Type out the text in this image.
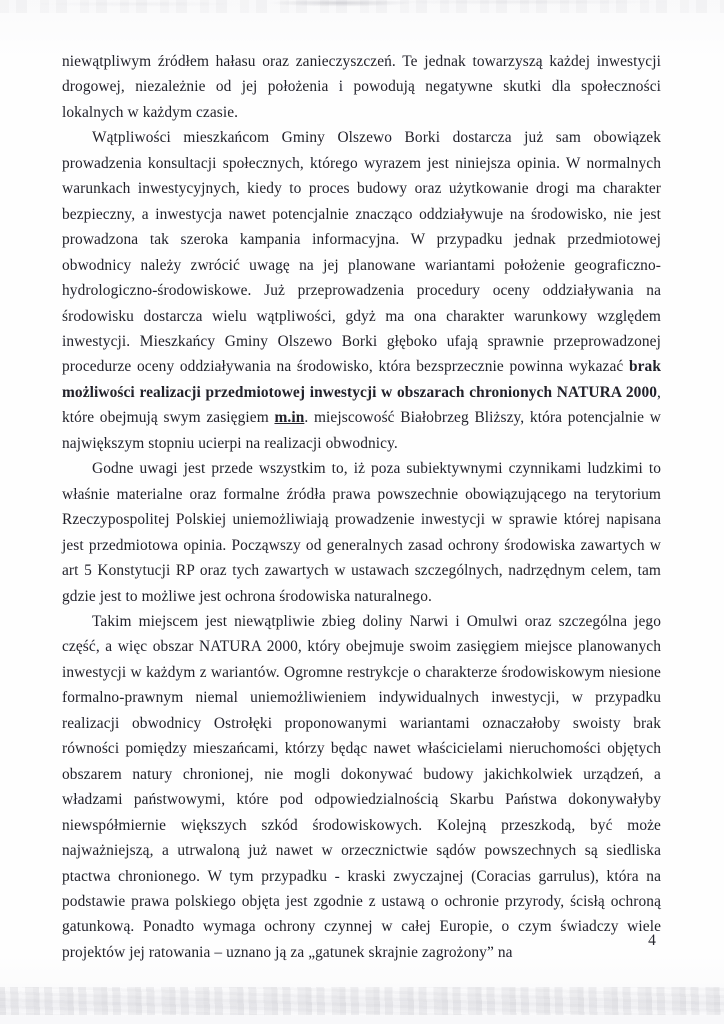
niewątpliwym źródłem hałasu oraz zanieczyszczeń. Te jednak towarzyszą każdej inwestycji drogowej, niezależnie od jej położenia i powodują negatywne skutki dla społeczności lokalnych w każdym czasie.

Wątpliwości mieszkańcom Gminy Olszewo Borki dostarcza już sam obowiązek prowadzenia konsultacji społecznych, którego wyrazem jest niniejsza opinia. W normalnych warunkach inwestycyjnych, kiedy to proces budowy oraz użytkowanie drogi ma charakter bezpieczny, a inwestycja nawet potencjalnie znacząco oddziaływuje na środowisko, nie jest prowadzona tak szeroka kampania informacyjna. W przypadku jednak przedmiotowej obwodnicy należy zwrócić uwagę na jej planowane wariantami położenie geograficzno-hydrologiczno-środowiskowe. Już przeprowadzenia procedury oceny oddziaływania na środowisku dostarcza wielu wątpliwości, gdyż ma ona charakter warunkowy względem inwestycji. Mieszkańcy Gminy Olszewo Borki głęboko ufają sprawnie przeprowadzonej procedurze oceny oddziaływania na środowisko, która bezsprzecznie powinna wykazać brak możliwości realizacji przedmiotowej inwestycji w obszarach chronionych NATURA 2000, które obejmują swym zasięgiem m.in. miejscowość Białobrzeg Bliższy, która potencjalnie w największym stopniu ucierpi na realizacji obwodnicy.

Godne uwagi jest przede wszystkim to, iż poza subiektywnymi czynnikami ludzkimi to właśnie materialne oraz formalne źródła prawa powszechnie obowiązującego na terytorium Rzeczypospolitej Polskiej uniemożliwiają prowadzenie inwestycji w sprawie której napisana jest przedmiotowa opinia. Począwszy od generalnych zasad ochrony środowiska zawartych w art 5 Konstytucji RP oraz tych zawartych w ustawach szczególnych, nadrzędnym celem, tam gdzie jest to możliwe jest ochrona środowiska naturalnego.

Takim miejscem jest niewątpliwie zbieg doliny Narwi i Omulwi oraz szczególna jego część, a więc obszar NATURA 2000, który obejmuje swoim zasięgiem miejsce planowanych inwestycji w każdym z wariantów. Ogromne restrykcje o charakterze środowiskowym niesione formalno-prawnym niemal uniemożliwieniem indywidualnych inwestycji, w przypadku realizacji obwodnicy Ostrołęki proponowanymi wariantami oznaczałoby swoisty brak równości pomiędzy mieszańcami, którzy będąc nawet właścicielami nieruchomości objętych obszarem natury chronionej, nie mogli dokonywać budowy jakichkolwiek urządzeń, a władzami państwowymi, które pod odpowiedzialnością Skarbu Państwa dokonywałyby niewspółmiernie większych szkód środowiskowych. Kolejną przeszkodą, być może najważniejszą, a utrwaloną już nawet w orzecznictwie sądów powszechnych są siedliska ptactwa chronionego. W tym przypadku - kraski zwyczajnej (Coracias garrulus), która na podstawie prawa polskiego objęta jest zgodnie z ustawą o ochronie przyrody, ścisłą ochroną gatunkową. Ponadto wymaga ochrony czynnej w całej Europie, o czym świadczy wiele projektów jej ratowania – uznano ją za „gatunek skrajnie zagrożony” na

4
